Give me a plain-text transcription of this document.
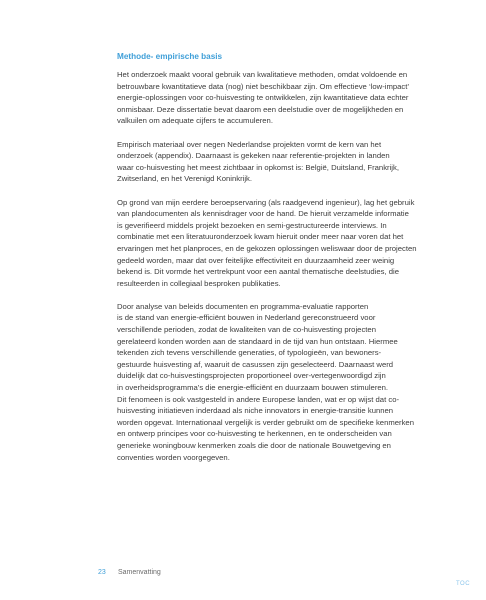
Methode- empirische basis

Het onderzoek maakt vooral gebruik van kwalitatieve methoden, omdat voldoende en
betrouwbare kwantitatieve data (nog) niet beschikbaar zijn. Om effectieve ‘low-impact’
energie-oplossingen voor co-huisvesting te ontwikkelen, zijn kwantitatieve data echter
onmisbaar. Deze dissertatie bevat daarom een deelstudie over de mogelijkheden en
valkuilen om adequate cijfers te accumuleren.

Empirisch materiaal over negen Nederlandse projekten vormt de kern van het
onderzoek (appendix). Daarnaast is gekeken naar referentie-projekten in landen
waar co-huisvesting het meest zichtbaar in opkomst is: België, Duitsland, Frankrijk,
Zwitserland, en het Verenigd Koninkrijk.

Op grond van mijn eerdere beroepservaring (als raadgevend ingenieur), lag het gebruik
van plandocumenten als kennisdrager voor de hand. De hieruit verzamelde informatie
is geverifieerd middels projekt bezoeken en semi-gestructureerde interviews. In
combinatie met een literatuuronderzoek kwam hieruit onder meer naar voren dat het
ervaringen met het planproces, en de gekozen oplossingen weliswaar door de projecten
gedeeld worden, maar dat over feitelijke effectiviteit en duurzaamheid zeer weinig
bekend is. Dit vormde het vertrekpunt voor een aantal thematische deelstudies, die
resulteerden in collegiaal besproken publikaties.

Door analyse van beleids documenten en programma-evaluatie rapporten
is de stand van energie-efficiënt bouwen in Nederland gereconstrueerd voor
verschillende perioden, zodat de kwaliteiten van de co-huisvesting projecten
gerelateerd konden worden aan de standaard in de tijd van hun ontstaan. Hiermee
tekenden zich tevens verschillende generaties, of typologieën, van bewoners-
gestuurde huisvesting af, waaruit de casussen zijn geselecteerd. Daarnaast werd
duidelijk dat co-huisvestingsprojecten proportioneel over-vertegenwoordigd zijn
in overheidsprogramma’s die energie-efficiënt en duurzaam bouwen stimuleren.
Dit fenomeen is ook vastgesteld in andere Europese landen, wat er op wijst dat co-
huisvesting initiatieven inderdaad als niche innovators in energie-transitie kunnen
worden opgevat. Internationaal vergelijk is verder gebruikt om de specifieke kenmerken
en ontwerp principes voor co-huisvesting te herkennen, en te onderscheiden van
generieke woningbouw kenmerken zoals die door de nationale Bouwetgeving en
conventies worden voorgegeven.

23 Samenvatting
TOC
